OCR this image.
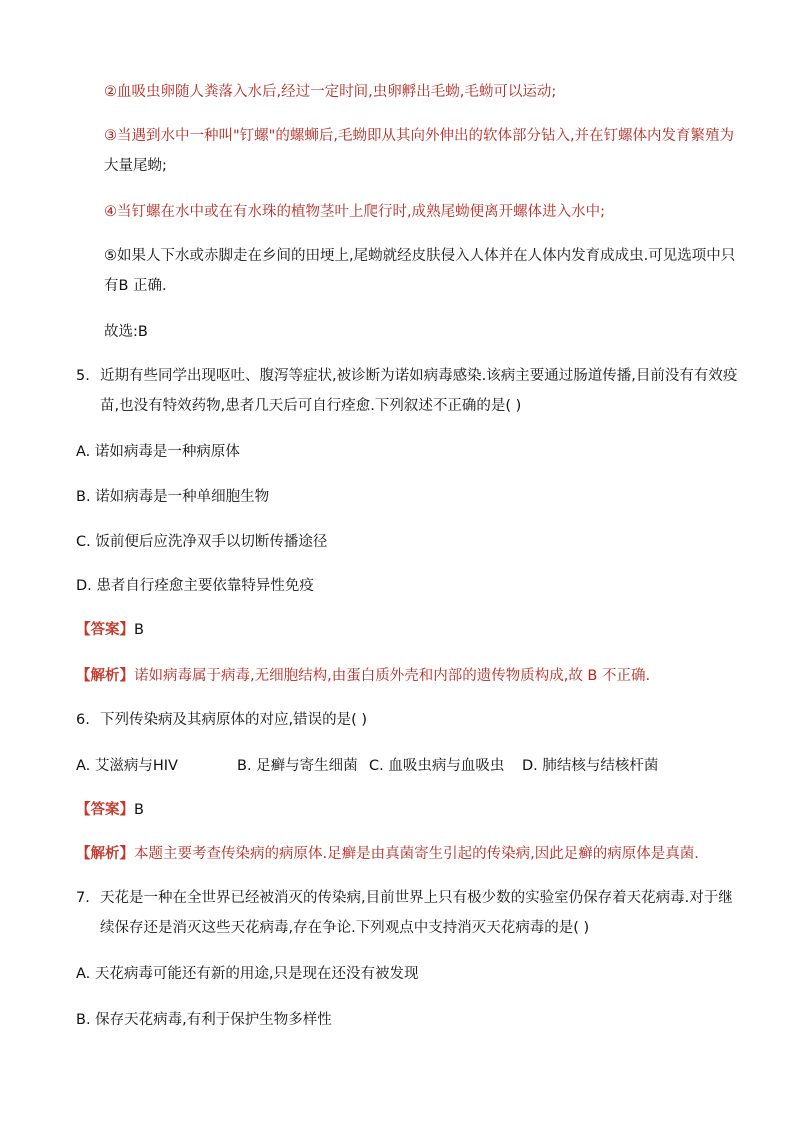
②血吸虫卵随人粪落入水后,经过一定时间,虫卵孵出毛蚴,毛蚴可以运动;

③当遇到水中一种叫"钉螺"的螺蛳后,毛蚴即从其向外伸出的软体部分钻入,并在钉螺体内发育繁殖为

大量尾蚴;

④当钉螺在水中或在有水珠的植物茎叶上爬行时,成熟尾蚴便离开螺体进入水中;

⑤如果人下水或赤脚走在乡间的田埂上,尾蚴就经皮肤侵入人体并在人体内发育成成虫.可见选项中只

有B 正确.

故选:B

5. 近期有些同学出现呕吐、腹泻等症状,被诊断为诺如病毒感染.该病主要通过肠道传播,目前没有有效疫

苗,也没有特效药物,患者几天后可自行痊愈.下列叙述不正确的是( )

A. 诺如病毒是一种病原体

B. 诺如病毒是一种单细胞生物

C. 饭前便后应洗净双手以切断传播途径

D. 患者自行痊愈主要依靠特异性免疫

【答案】B

【解析】诺如病毒属于病毒,无细胞结构,由蛋白质外壳和内部的遗传物质构成,故 B 不正确.

6. 下列传染病及其病原体的对应,错误的是( )

A. 艾滋病与HIV	B. 足癣与寄生细菌 C. 血吸虫病与血吸虫 D. 肺结核与结核杆菌

【答案】B

【解析】本题主要考查传染病的病原体.足癣是由真菌寄生引起的传染病,因此足癣的病原体是真菌.

7. 天花是一种在全世界已经被消灭的传染病,目前世界上只有极少数的实验室仍保存着天花病毒.对于继

续保存还是消灭这些天花病毒,存在争论.下列观点中支持消灭天花病毒的是( )

A. 天花病毒可能还有新的用途,只是现在还没有被发现

B. 保存天花病毒,有利于保护生物多样性
